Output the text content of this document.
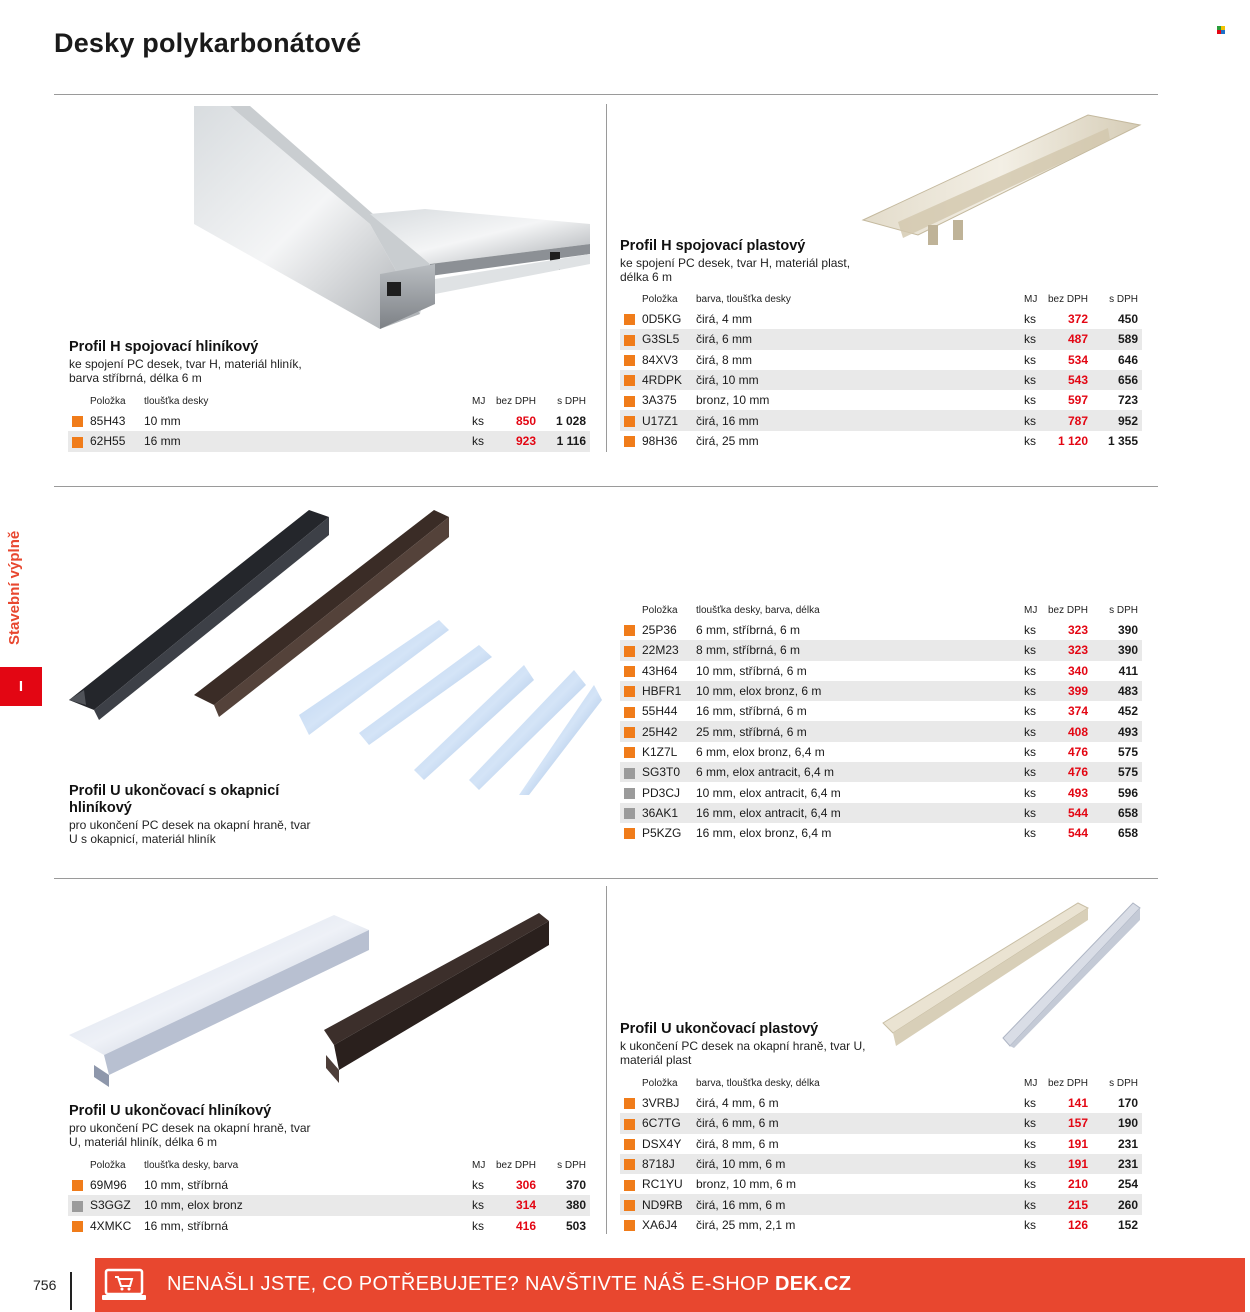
Desky polykarbonátové
Stavební výplně
I
Profil H spojovací hliníkový
ke spojení PC desek, tvar H, materiál hliník, barva stříbrná, délka 6 m
	Položka	tloušťka desky	MJ	bez DPH	s DPH
	85H43	10 mm	ks	850	1 028
	62H55	16 mm	ks	923	1 116
Profil H spojovací plastový
ke spojení PC desek, tvar H, materiál plast, délka 6 m
	Položka	barva, tloušťka desky	MJ	bez DPH	s DPH
	0D5KG	čirá, 4 mm	ks	372	450
	G3SL5	čirá, 6 mm	ks	487	589
	84XV3	čirá, 8 mm	ks	534	646
	4RDPK	čirá, 10 mm	ks	543	656
	3A375	bronz, 10 mm	ks	597	723
	U17Z1	čirá, 16 mm	ks	787	952
	98H36	čirá, 25 mm	ks	1 120	1 355
Profil U ukončovací s okapnicí hliníkový
pro ukončení PC desek na okapní hraně, tvar U s okapnicí, materiál hliník
	Položka	tloušťka desky, barva, délka	MJ	bez DPH	s DPH
	25P36	6 mm, stříbrná, 6 m	ks	323	390
	22M23	8 mm, stříbrná, 6 m	ks	323	390
	43H64	10 mm, stříbrná, 6 m	ks	340	411
	HBFR1	10 mm, elox bronz, 6 m	ks	399	483
	55H44	16 mm, stříbrná, 6 m	ks	374	452
	25H42	25 mm, stříbrná, 6 m	ks	408	493
	K1Z7L	6 mm, elox bronz, 6,4 m	ks	476	575
	SG3T0	6 mm, elox antracit, 6,4 m	ks	476	575
	PD3CJ	10 mm, elox antracit, 6,4 m	ks	493	596
	36AK1	16 mm, elox antracit, 6,4 m	ks	544	658
	P5KZG	16 mm, elox bronz, 6,4 m	ks	544	658
Profil U ukončovací hliníkový
pro ukončení PC desek na okapní hraně, tvar U, materiál hliník, délka 6 m
	Položka	tloušťka desky, barva	MJ	bez DPH	s DPH
	69M96	10 mm, stříbrná	ks	306	370
	S3GGZ	10 mm, elox bronz	ks	314	380
	4XMKC	16 mm, stříbrná	ks	416	503
Profil U ukončovací plastový
k ukončení PC desek na okapní hraně, tvar U, materiál plast
	Položka	barva, tloušťka desky, délka	MJ	bez DPH	s DPH
	3VRBJ	čirá, 4 mm, 6 m	ks	141	170
	6C7TG	čirá, 6 mm, 6 m	ks	157	190
	DSX4Y	čirá, 8 mm, 6 m	ks	191	231
	8718J	čirá, 10 mm, 6 m	ks	191	231
	RC1YU	bronz, 10 mm, 6 m	ks	210	254
	ND9RB	čirá, 16 mm, 6 m	ks	215	260
	XA6J4	čirá, 25 mm, 2,1 m	ks	126	152
756	NENAŠLI JSTE, CO POTŘEBUJETE? NAVŠTIVTE NÁŠ E-SHOP DEK.CZ
